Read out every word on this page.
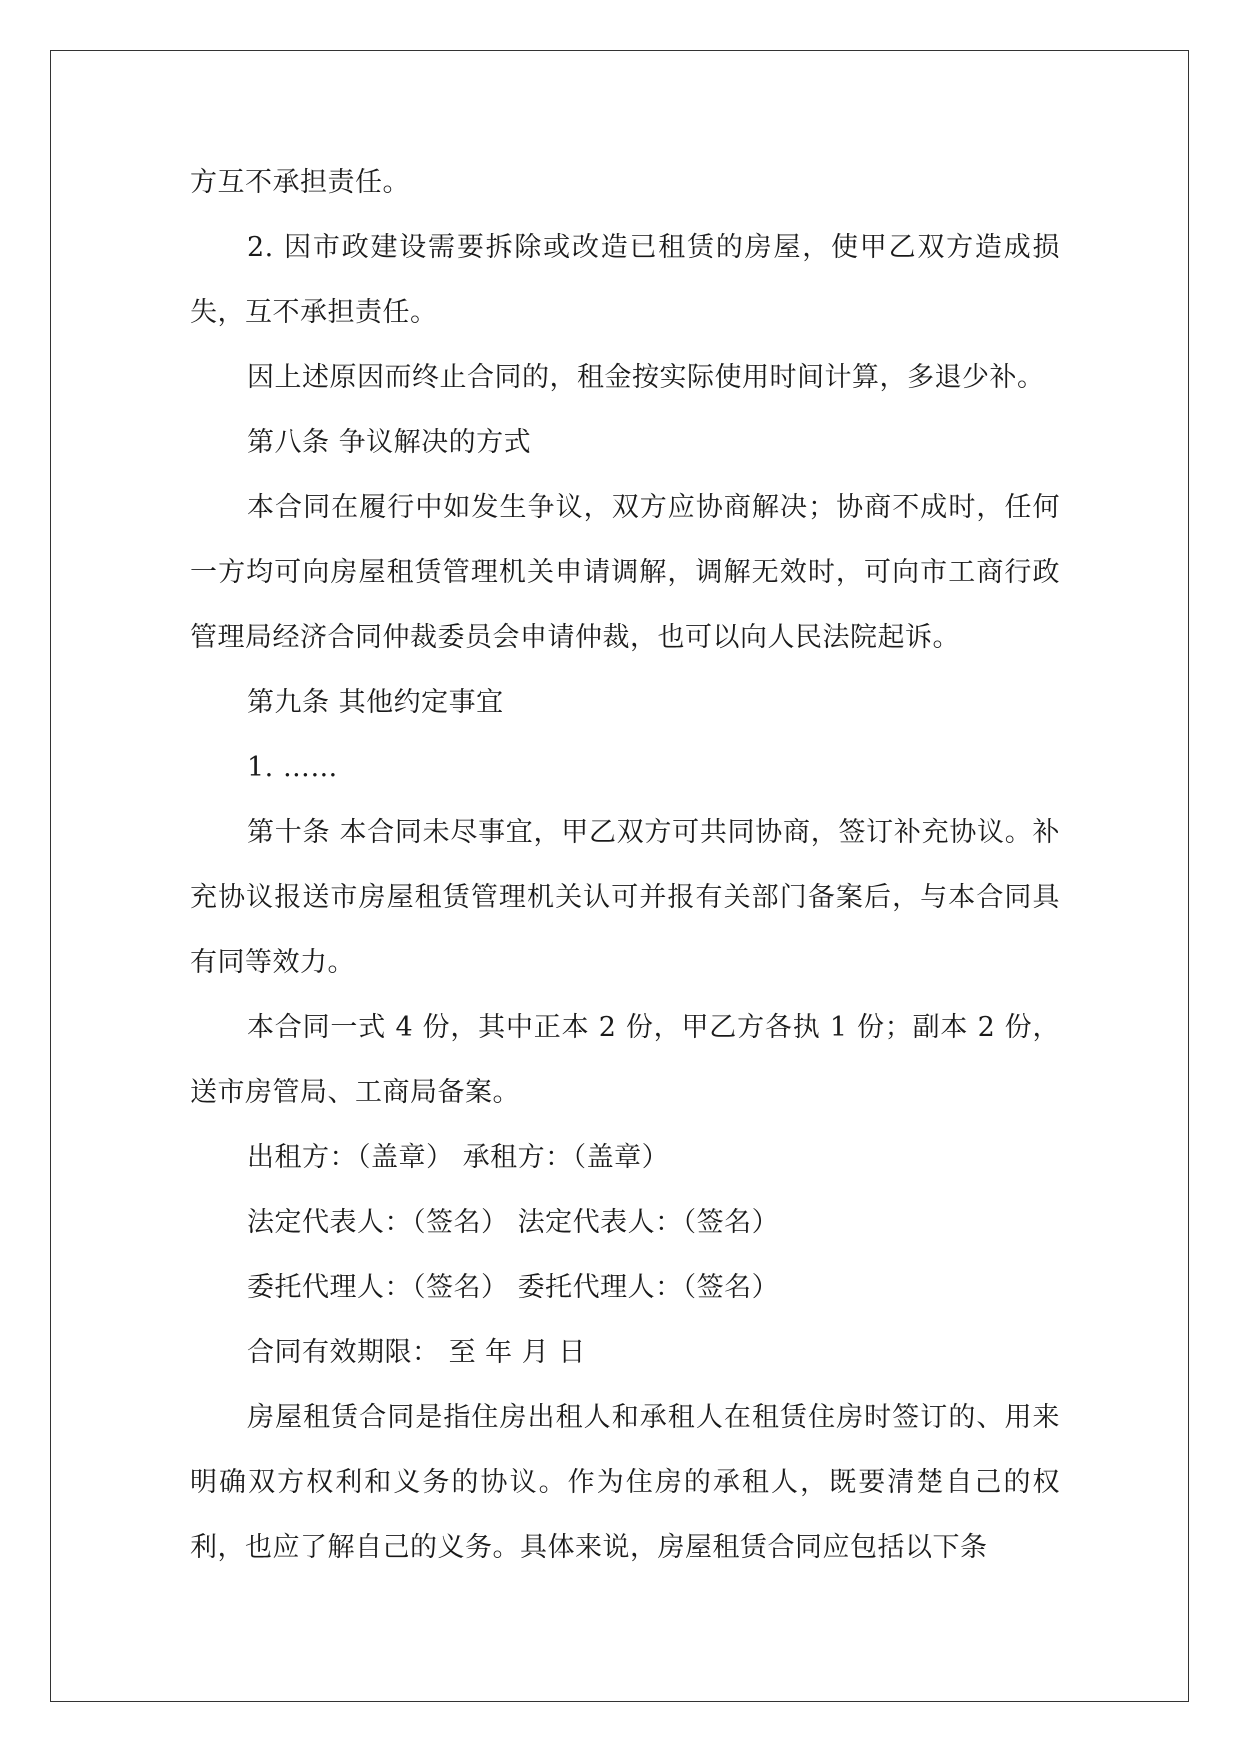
方互不承担责任。

2. 因市政建设需要拆除或改造已租赁的房屋，使甲乙双方造成损失，互不承担责任。

因上述原因而终止合同的，租金按实际使用时间计算，多退少补。

第八条 争议解决的方式

本合同在履行中如发生争议，双方应协商解决；协商不成时，任何一方均可向房屋租赁管理机关申请调解，调解无效时，可向市工商行政管理局经济合同仲裁委员会申请仲裁，也可以向人民法院起诉。

第九条 其他约定事宜

1. ……

第十条 本合同未尽事宜，甲乙双方可共同协商，签订补充协议。补充协议报送市房屋租赁管理机关认可并报有关部门备案后，与本合同具有同等效力。

本合同一式 4 份，其中正本 2 份，甲乙方各执 1 份；副本 2 份，送市房管局、工商局备案。

出租方：（盖章） 承租方：（盖章）

法定代表人：（签名） 法定代表人：（签名）

委托代理人：（签名） 委托代理人：（签名）

合同有效期限： 至 年 月 日

房屋租赁合同是指住房出租人和承租人在租赁住房时签订的、用来明确双方权利和义务的协议。作为住房的承租人，既要清楚自己的权利，也应了解自己的义务。具体来说，房屋租赁合同应包括以下条
